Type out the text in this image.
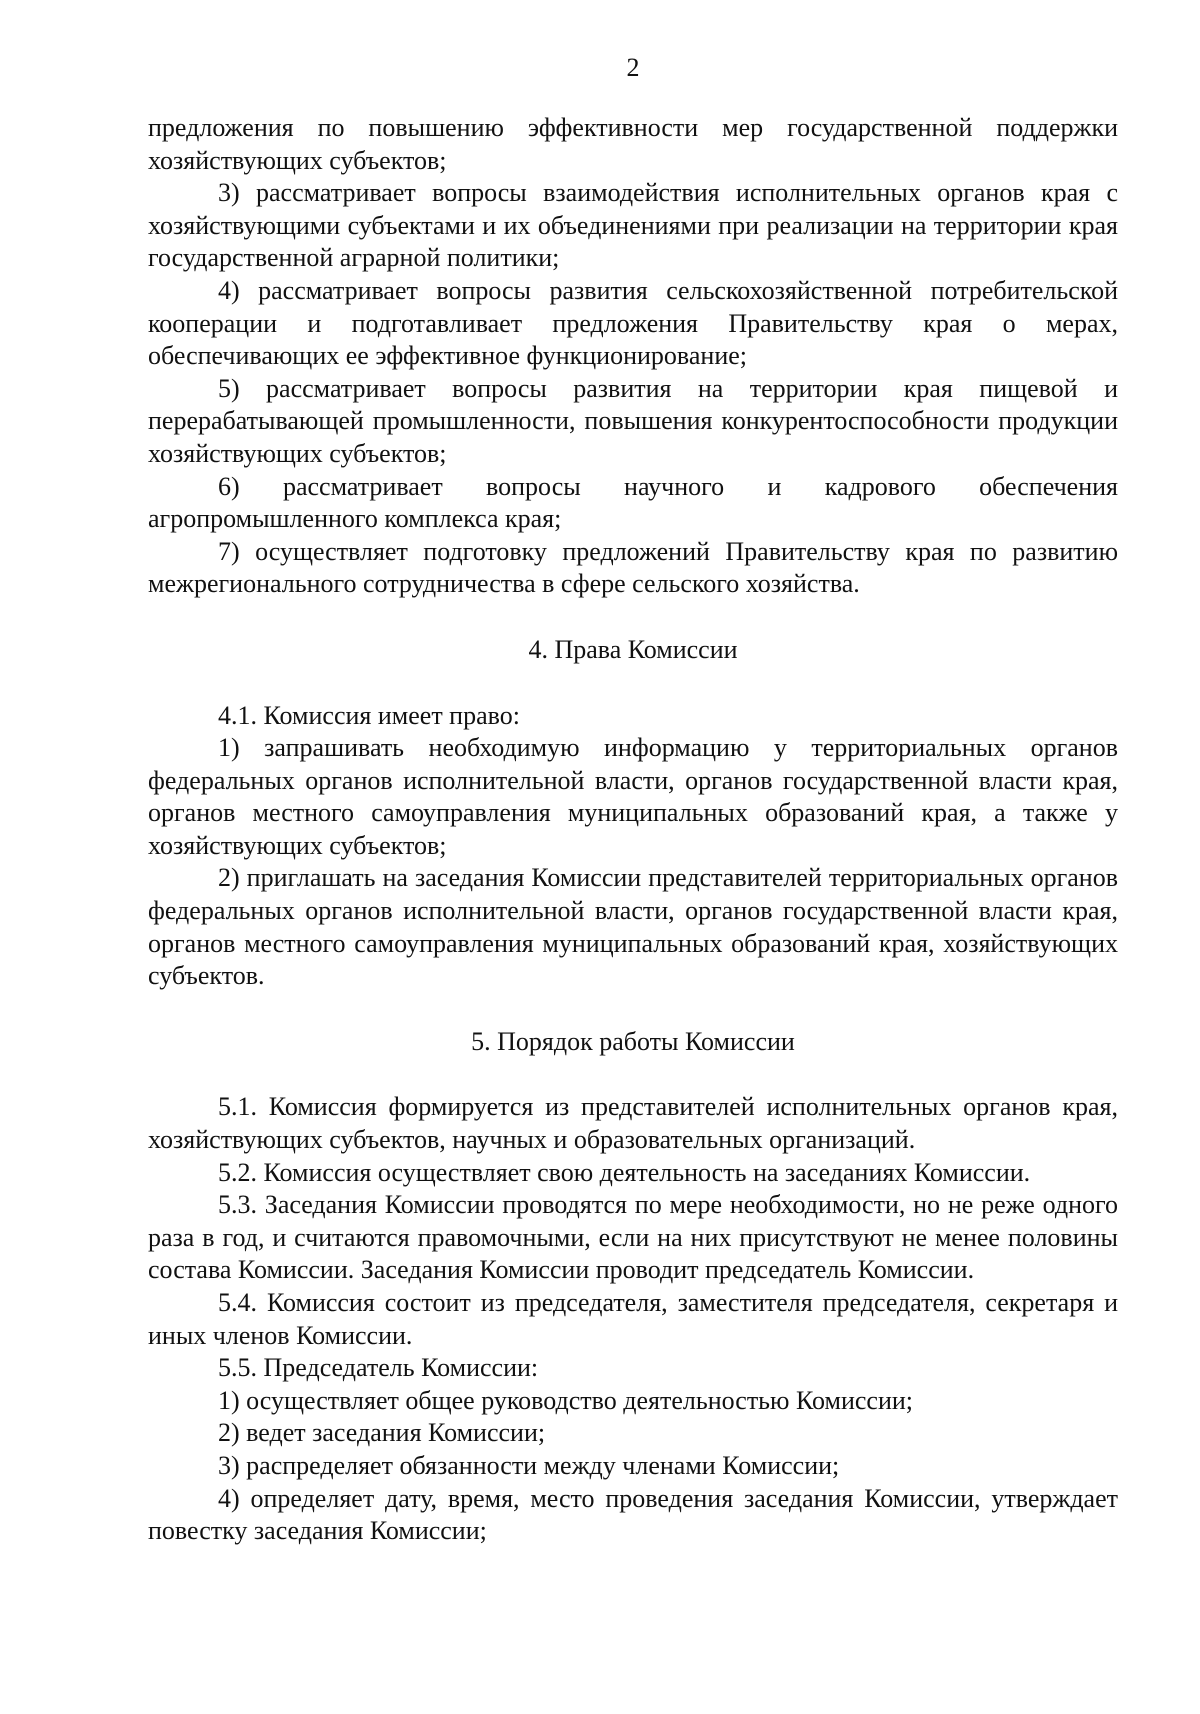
2

предложения по повышению эффективности мер государственной поддержки хозяйствующих субъектов;

3) рассматривает вопросы взаимодействия исполнительных органов края с хозяйствующими субъектами и их объединениями при реализации на территории края государственной аграрной политики;

4) рассматривает вопросы развития сельскохозяйственной потребительской кооперации и подготавливает предложения Правительству края о мерах, обеспечивающих ее эффективное функционирование;

5) рассматривает вопросы развития на территории края пищевой и перерабатывающей промышленности, повышения конкурентоспособности продукции хозяйствующих субъектов;

6) рассматривает вопросы научного и кадрового обеспечения агропромышленного комплекса края;

7) осуществляет подготовку предложений Правительству края по развитию межрегионального сотрудничества в сфере сельского хозяйства.

4. Права Комиссии

4.1. Комиссия имеет право:

1) запрашивать необходимую информацию у территориальных органов федеральных органов исполнительной власти, органов государственной власти края, органов местного самоуправления муниципальных образований края, а также у хозяйствующих субъектов;

2) приглашать на заседания Комиссии представителей территориальных органов федеральных органов исполнительной власти, органов государственной власти края, органов местного самоуправления муниципальных образований края, хозяйствующих субъектов.

5. Порядок работы Комиссии

5.1. Комиссия формируется из представителей исполнительных органов края, хозяйствующих субъектов, научных и образовательных организаций.

5.2. Комиссия осуществляет свою деятельность на заседаниях Комиссии.

5.3. Заседания Комиссии проводятся по мере необходимости, но не реже одного раза в год, и считаются правомочными, если на них присутствуют не менее половины состава Комиссии. Заседания Комиссии проводит председатель Комиссии.

5.4. Комиссия состоит из председателя, заместителя председателя, секретаря и иных членов Комиссии.

5.5. Председатель Комиссии:

1) осуществляет общее руководство деятельностью Комиссии;

2) ведет заседания Комиссии;

3) распределяет обязанности между членами Комиссии;

4) определяет дату, время, место проведения заседания Комиссии, утверждает повестку заседания Комиссии;
